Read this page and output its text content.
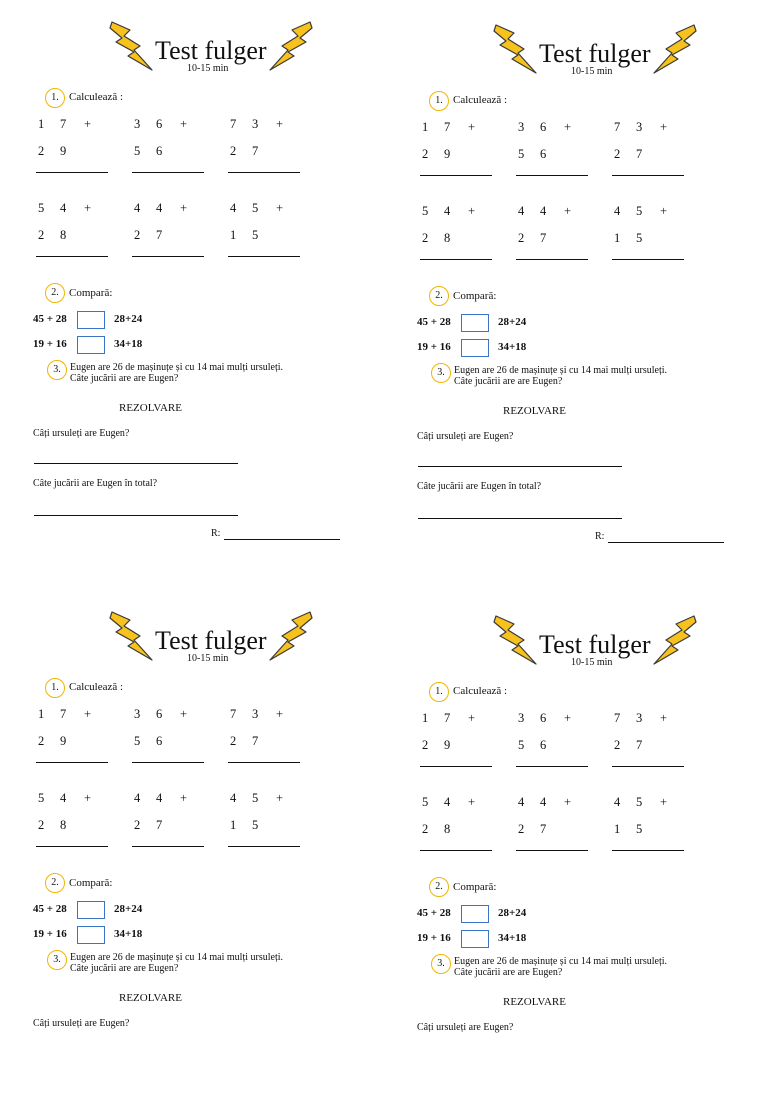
Test fulger
10-15 min
1. Calculează :
1 7 +
2 9
3 6 +
5 6
7 3 +
2 7
5 4 +
2 8
4 4 +
2 7
4 5 +
1 5
2. Compară:
45 + 28	28+24
19 + 16	34+18
3. Eugen are 26 de mașinuțe și cu 14 mai mulți ursuleți.
Câte jucării are are Eugen?
REZOLVARE
Câți ursuleți are Eugen?
Câte jucării are Eugen în total?
R:
Test fulger
10-15 min
1. Calculează :
1 7 +
2 9
3 6 +
5 6
7 3 +
2 7
5 4 +
2 8
4 4 +
2 7
4 5 +
1 5
2. Compară:
45 + 28	28+24
19 + 16	34+18
3. Eugen are 26 de mașinuțe și cu 14 mai mulți ursuleți.
Câte jucării are are Eugen?
REZOLVARE
Câți ursuleți are Eugen?
Câte jucării are Eugen în total?
R:
Test fulger
10-15 min
1. Calculează :
1 7 +
2 9
3 6 +
5 6
7 3 +
2 7
5 4 +
2 8
4 4 +
2 7
4 5 +
1 5
2. Compară:
45 + 28	28+24
19 + 16	34+18
3. Eugen are 26 de mașinuțe și cu 14 mai mulți ursuleți.
Câte jucării are are Eugen?
REZOLVARE
Câți ursuleți are Eugen?
Test fulger
10-15 min
1. Calculează :
1 7 +
2 9
3 6 +
5 6
7 3 +
2 7
5 4 +
2 8
4 4 +
2 7
4 5 +
1 5
2. Compară:
45 + 28	28+24
19 + 16	34+18
3. Eugen are 26 de mașinuțe și cu 14 mai mulți ursuleți.
Câte jucării are are Eugen?
REZOLVARE
Câți ursuleți are Eugen?
